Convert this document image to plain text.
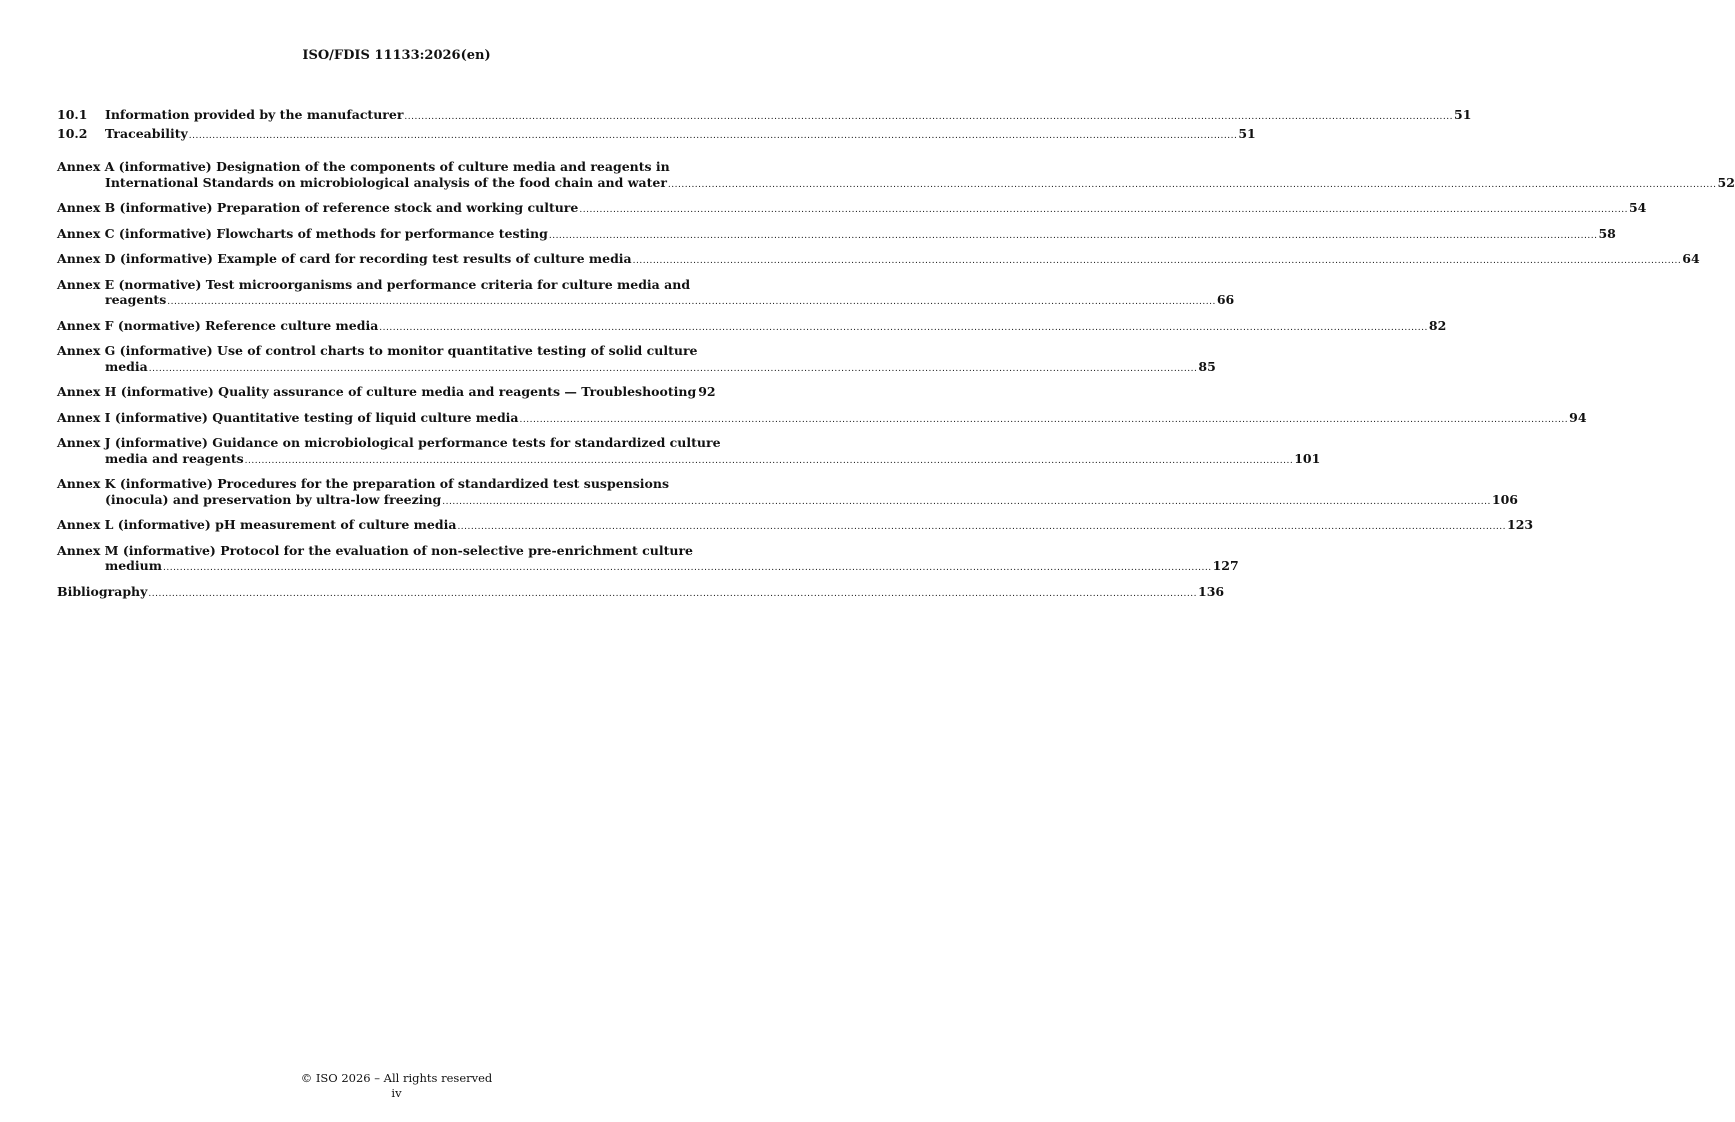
ISO/FDIS 11133:2026(en)
10.1	Information provided by the manufacturer .....	51
10.2	Traceability .....	51
Annex A (informative) Designation of the components of culture media and reagents in
International Standards on microbiological analysis of the food chain and water .....	52
Annex B (informative) Preparation of reference stock and working culture .....	54
Annex C (informative) Flowcharts of methods for performance testing .....	58
Annex D (informative) Example of card for recording test results of culture media .....	64
Annex E (normative) Test microorganisms and performance criteria for culture media and
reagents .....	66
Annex F (normative) Reference culture media .....	82
Annex G (informative) Use of control charts to monitor quantitative testing of solid culture
media .....	85
Annex H (informative) Quality assurance of culture media and reagents — Troubleshooting 92
Annex I (informative) Quantitative testing of liquid culture media .....	94
Annex J (informative) Guidance on microbiological performance tests for standardized culture
media and reagents .....	101
Annex K (informative) Procedures for the preparation of standardized test suspensions
(inocula) and preservation by ultra-low freezing .....	106
Annex L (informative) pH measurement of culture media .....	123
Annex M (informative) Protocol for the evaluation of non-selective pre-enrichment culture
medium .....	127
Bibliography .....	136
© ISO 2026 – All rights reserved
iv
